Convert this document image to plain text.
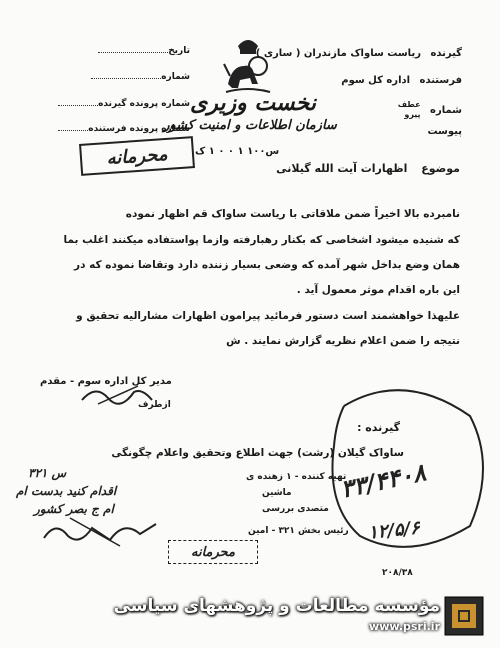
تاریخ
شماره
شماره پرونده گیرنده
شماره پرونده فرستنده
نخست وزیری
سازمان اطلاعات و امنیت کشور
س۱۰۰ ۱ ۰ ۰ ۱ ک
گیرنده ریاست ساواک مازندران ( ساری )
فرستنده اداره کل سوم
شماره عطف
پیرو
پیوست
محرمانه	موضوع اظهارات آیت الله گیلانی
نامبرده بالا اخیراً ضمن ملاقاتی با ریاست ساواک قم اظهار نموده
که شنیده میشود اشخاصی که بکنار رهبارفته وازما پواستفاده میکنند اغلب بما
همان وضع بداخل شهر آمده که وضعی بسیار زننده دارد وتقاضا نموده که در
این باره اقدام موثر معمول آید .
علیهذا خواهشمند است دستور فرمائید پیرامون اظهارات مشارالیه تحقیق و
نتیجه را ضمن اعلام نظریه گزارش نمایند . ش
مدیر کل اداره سوم - مقدم
ازطرف
گیرنده :
ساواک گیلان (رشت) جهت اطلاع وتحقیق واعلام چگونگی
۳۳/۴۴۰۸
۱۲/۵/۶
س ۳۲۱
اقدام کنید بدست ام
ام ج بصر کشور
تهیه کننده - ۱ زهنده ی
ماشین
متصدی بررسی
رئیس بخش ۳۲۱ - امین
۲۰۸/۳۸
محرمانه
مؤسسه مطالعات و پژوهشهای سیاسی
www.psri.ir
